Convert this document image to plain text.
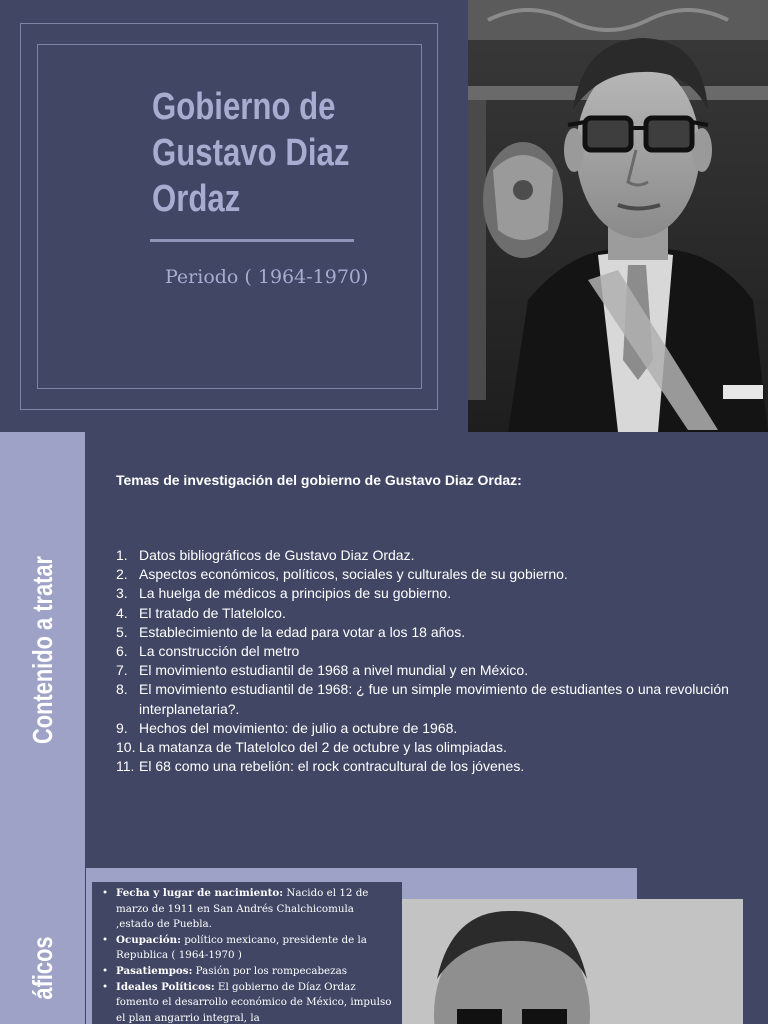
Gobierno de Gustavo Diaz Ordaz
Periodo ( 1964-1970)
Contenido a tratar
Temas de investigación del gobierno de Gustavo Diaz Ordaz:
1. Datos bibliográficos de Gustavo Diaz Ordaz.
2. Aspectos económicos, políticos, sociales y culturales de su gobierno.
3. La huelga de médicos a principios de su gobierno.
4. El tratado de Tlatelolco.
5. Establecimiento de la edad para votar a los 18 años.
6. La construcción del metro
7. El movimiento estudiantil de 1968 a nivel mundial y en México.
8. El movimiento estudiantil de 1968: ¿ fue un simple movimiento de estudiantes o una revolución interplanetaria?.
9. Hechos del movimiento: de julio a octubre de 1968.
10. La matanza de Tlatelolco del 2 de octubre y las olimpiadas.
11. El 68 como una rebelión: el rock contracultural de los jóvenes.
áficos
• Fecha y lugar de nacimiento: Nacido el 12 de marzo de 1911 en San Andrés Chalchicomula ,estado de Puebla.
• Ocupación: político mexicano, presidente de la Republica ( 1964-1970 )
• Pasatiempos: Pasión por los rompecabezas
• Ideales Políticos: El gobierno de Díaz Ordaz fomento el desarrollo económico de México, impulso el plan angarrio integral, la
